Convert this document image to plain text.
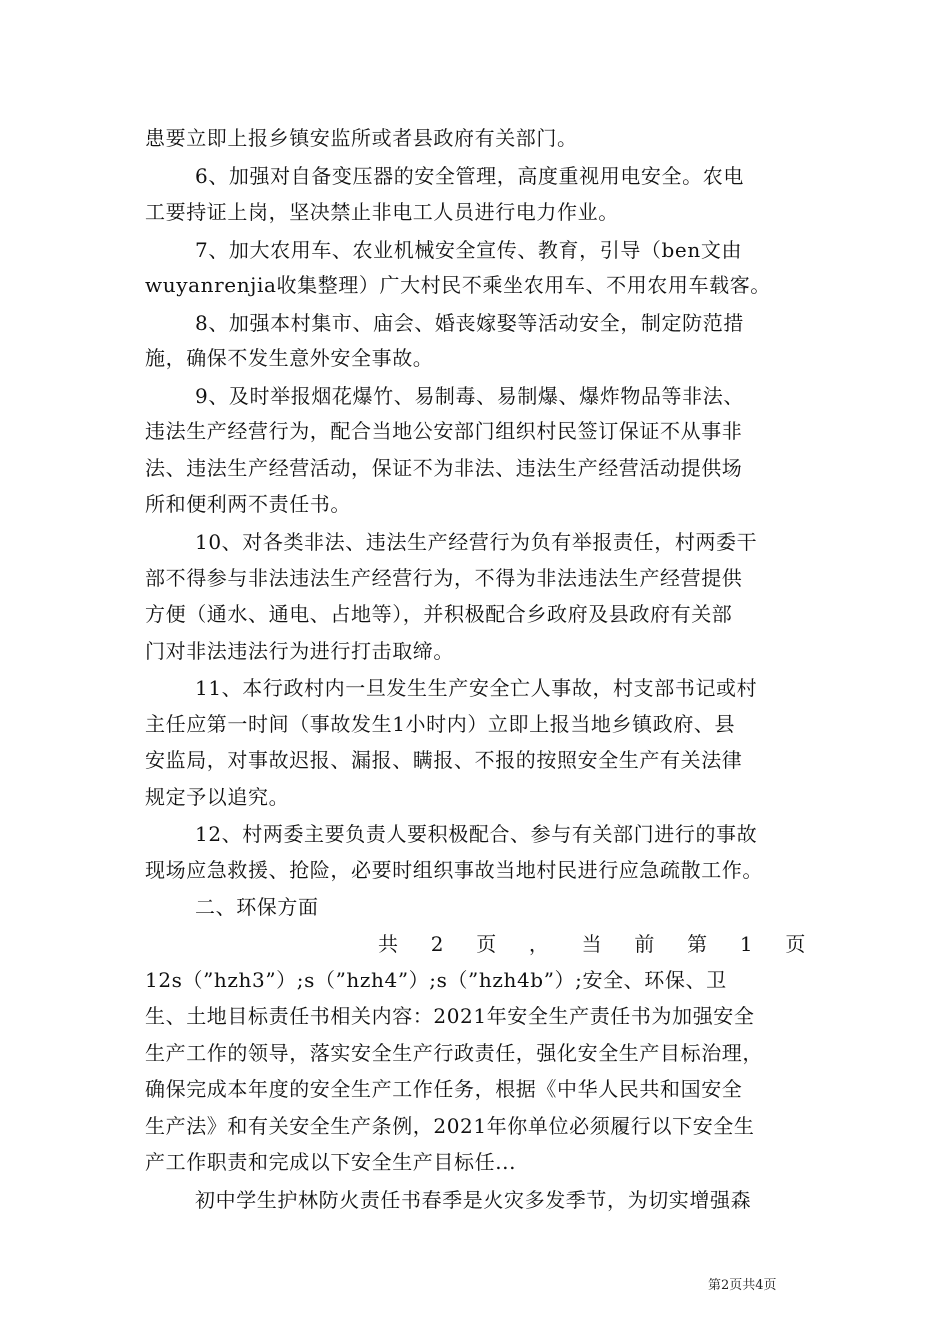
患要立即上报乡镇安监所或者县政府有关部门。
6、加强对自备变压器的安全管理，高度重视用电安全。农电
工要持证上岗，坚决禁止非电工人员进行电力作业。
7、加大农用车、农业机械安全宣传、教育，引导（ben文由
wuyanrenjia收集整理）广大村民不乘坐农用车、不用农用车载客。
8、加强本村集市、庙会、婚丧嫁娶等活动安全，制定防范措
施，确保不发生意外安全事故。
9、及时举报烟花爆竹、易制毒、易制爆、爆炸物品等非法、
违法生产经营行为，配合当地公安部门组织村民签订保证不从事非
法、违法生产经营活动，保证不为非法、违法生产经营活动提供场
所和便利两不责任书。
10、对各类非法、违法生产经营行为负有举报责任，村两委干
部不得参与非法违法生产经营行为，不得为非法违法生产经营提供
方便（通水、通电、占地等），并积极配合乡政府及县政府有关部
门对非法违法行为进行打击取缔。
11、本行政村内一旦发生生产安全亡人事故，村支部书记或村
主任应第一时间（事故发生1小时内）立即上报当地乡镇政府、县
安监局，对事故迟报、漏报、瞒报、不报的按照安全生产有关法律
规定予以追究。
12、村两委主要负责人要积极配合、参与有关部门进行的事故
现场应急救援、抢险，必要时组织事故当地村民进行应急疏散工作。
二、环保方面
共 2 页 ， 当 前 第 1 页
12s（”hzh3”）;s（”hzh4”）;s（”hzh4b”）;安全、环保、卫
生、土地目标责任书相关内容：2021年安全生产责任书为加强安全
生产工作的领导，落实安全生产行政责任，强化安全生产目标治理，
确保完成本年度的安全生产工作任务，根据《中华人民共和国安全
生产法》和有关安全生产条例，2021年你单位必须履行以下安全生
产工作职责和完成以下安全生产目标任...
初中学生护林防火责任书春季是火灾多发季节，为切实增强森
第2页共4页
